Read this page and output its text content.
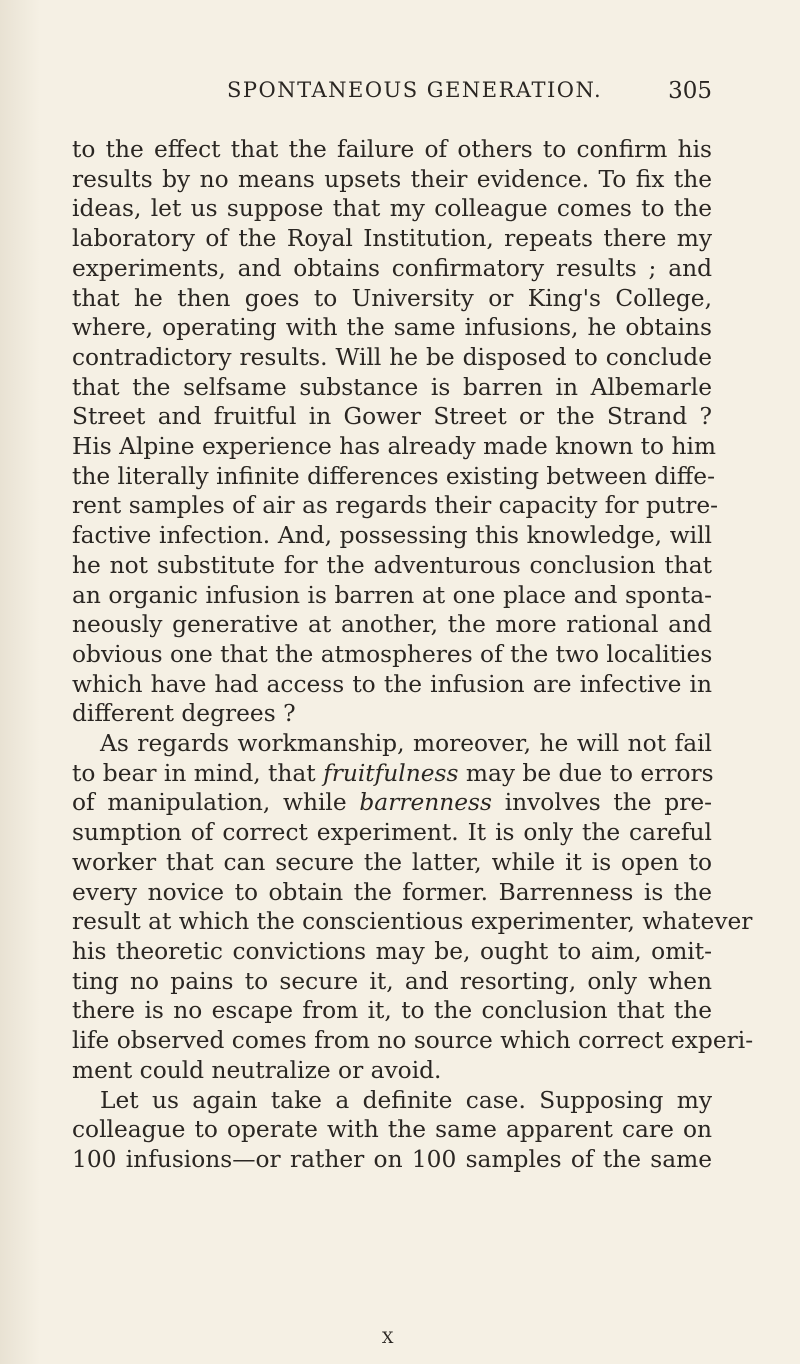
SPONTANEOUS GENERATION.	305

to the effect that the failure of others to confirm his
results by no means upsets their evidence. To fix the
ideas, let us suppose that my colleague comes to the
laboratory of the Royal Institution, repeats there my
experiments, and obtains confirmatory results ; and
that he then goes to University or King's College,
where, operating with the same infusions, he obtains
contradictory results. Will he be disposed to conclude
that the selfsame substance is barren in Albemarle
Street and fruitful in Gower Street or the Strand ?
His Alpine experience has already made known to him
the literally infinite differences existing between diffe-
rent samples of air as regards their capacity for putre-
factive infection. And, possessing this knowledge, will
he not substitute for the adventurous conclusion that
an organic infusion is barren at one place and sponta-
neously generative at another, the more rational and
obvious one that the atmospheres of the two localities
which have had access to the infusion are infective in
different degrees ?

As regards workmanship, moreover, he will not fail
to bear in mind, that fruitfulness may be due to errors
of manipulation, while barrenness involves the pre-
sumption of correct experiment. It is only the careful
worker that can secure the latter, while it is open to
every novice to obtain the former. Barrenness is the
result at which the conscientious experimenter, whatever
his theoretic convictions may be, ought to aim, omit-
ting no pains to secure it, and resorting, only when
there is no escape from it, to the conclusion that the
life observed comes from no source which correct experi-
ment could neutralize or avoid.

Let us again take a definite case. Supposing my
colleague to operate with the same apparent care on
100 infusions—or rather on 100 samples of the same

X
